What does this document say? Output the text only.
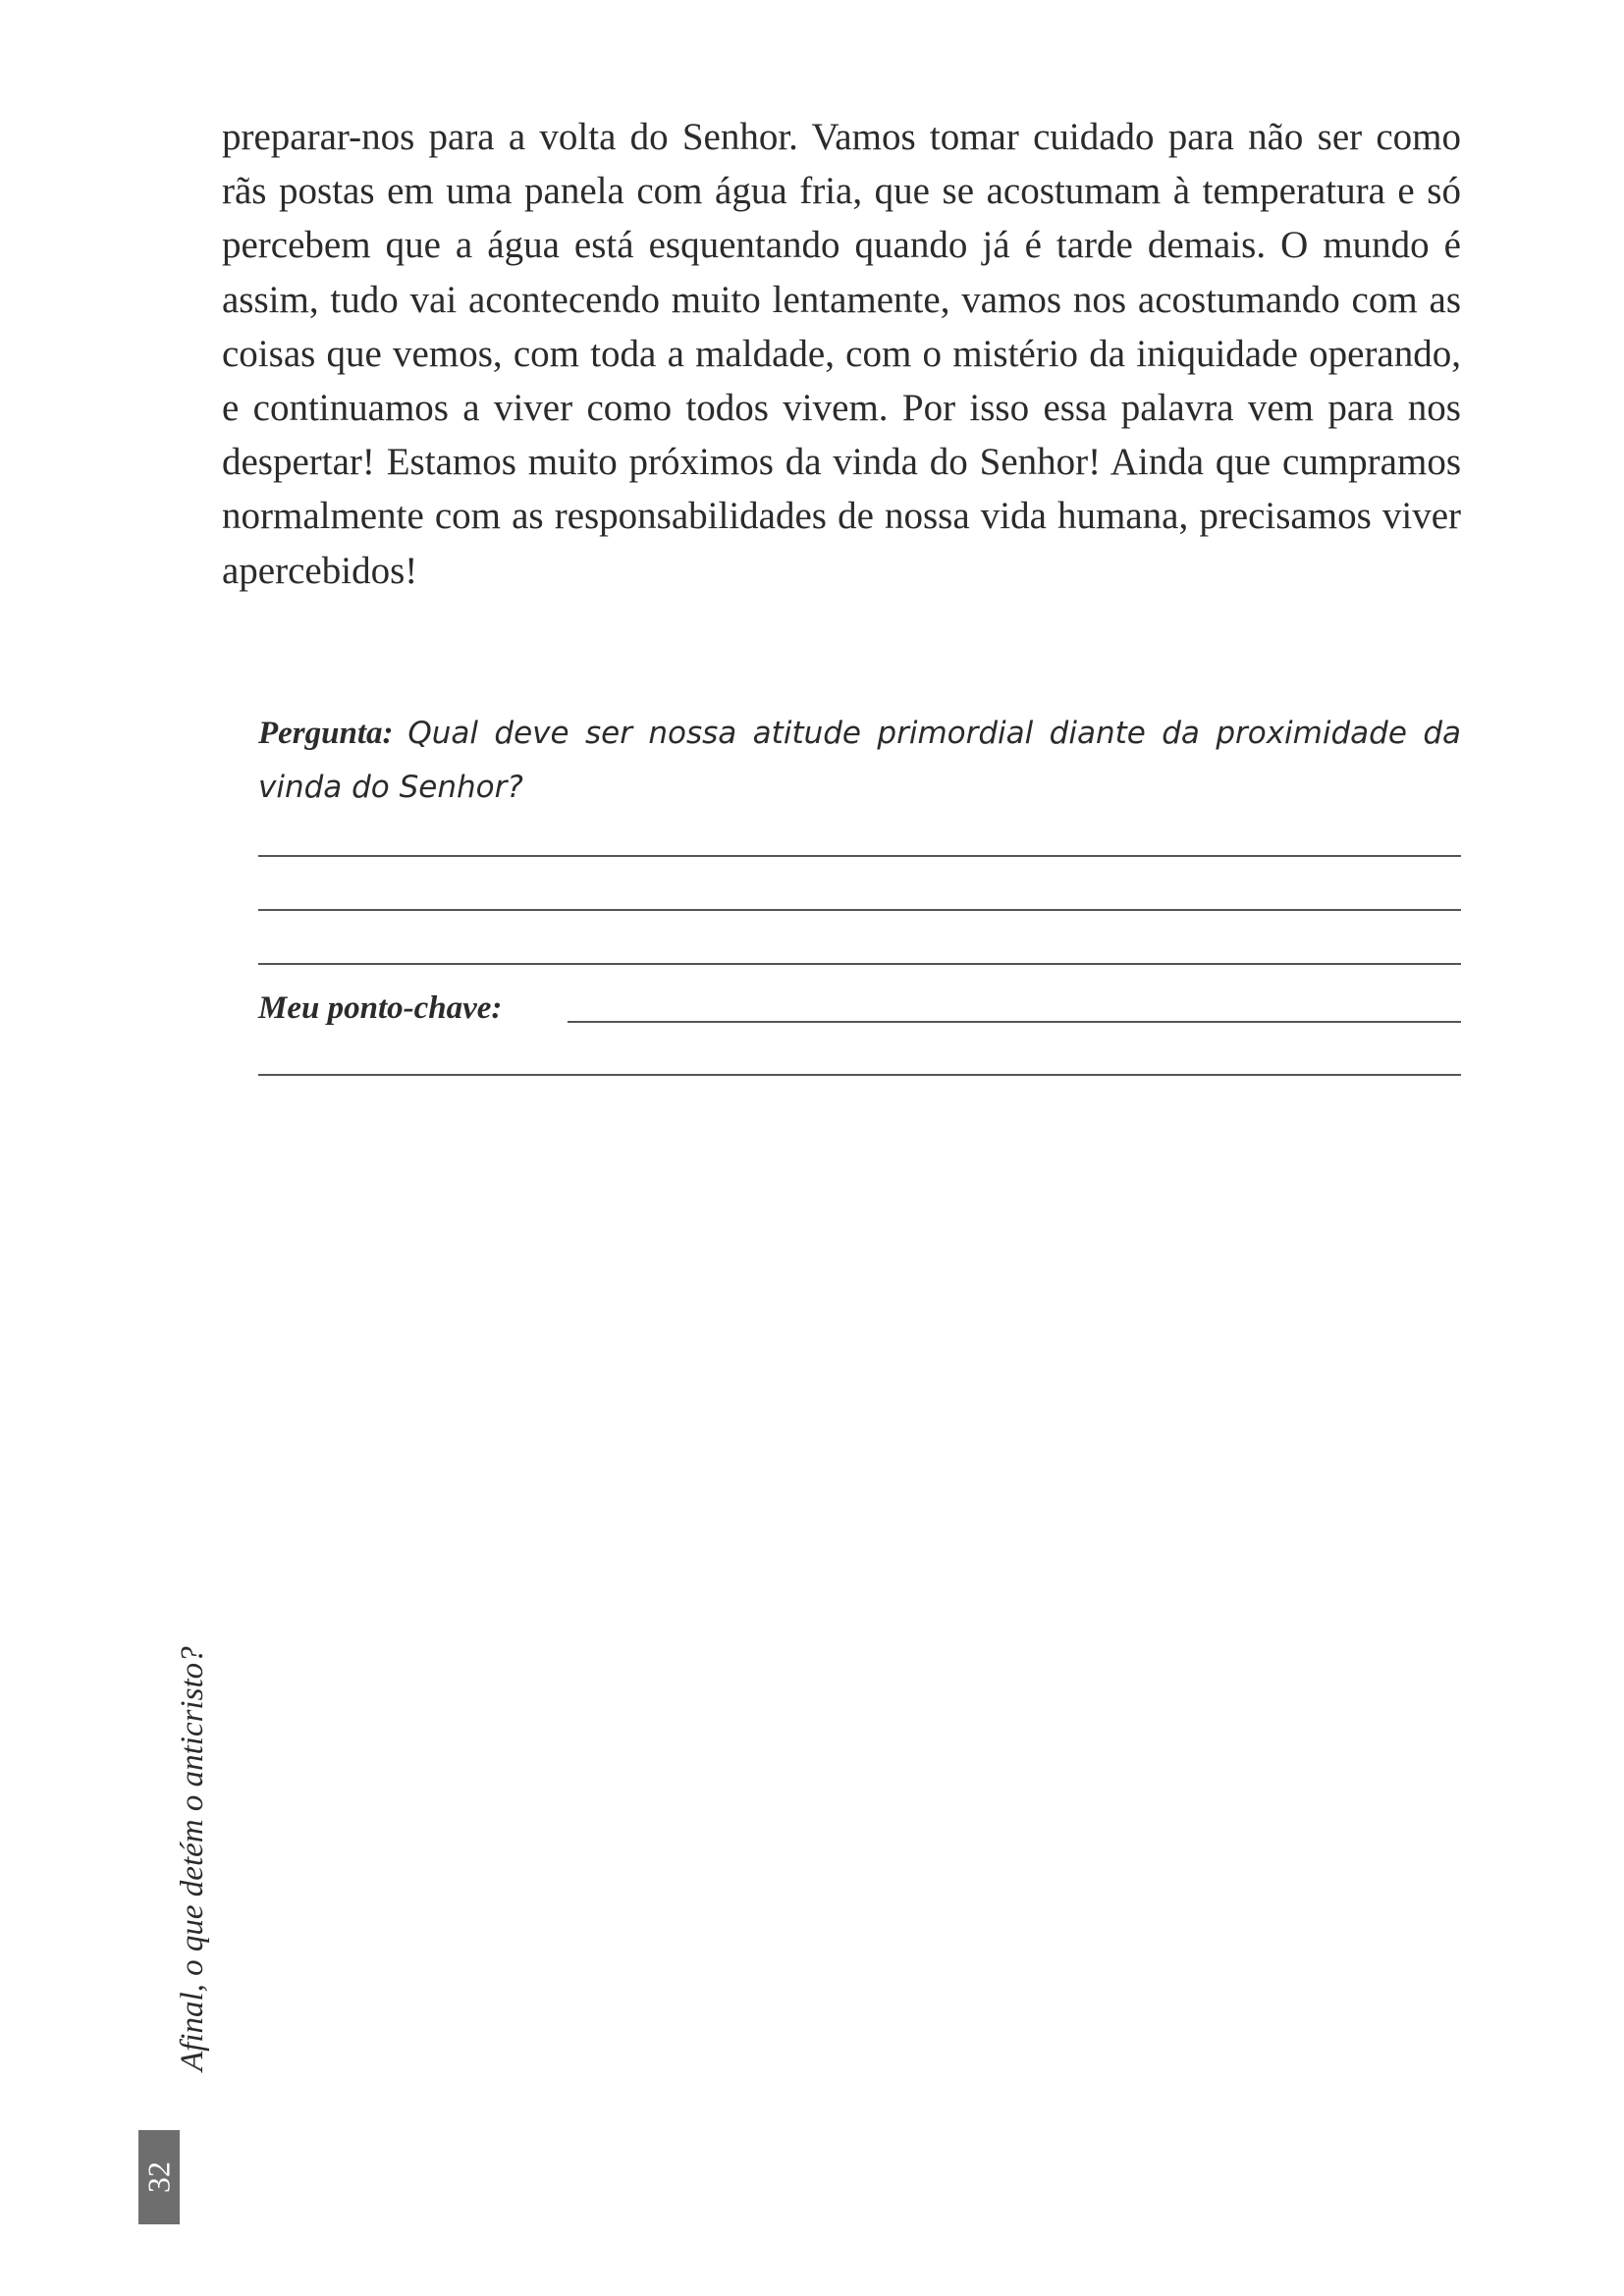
preparar-nos para a volta do Senhor. Vamos tomar cuidado para não ser como rãs postas em uma panela com água fria, que se acostumam à temperatura e só percebem que a água está esquentando quando já é tarde demais. O mundo é assim, tudo vai acontecendo muito lentamente, vamos nos acostumando com as coisas que vemos, com toda a maldade, com o mistério da iniquidade operando, e continuamos a viver como todos vivem. Por isso essa palavra vem para nos despertar! Estamos muito próximos da vinda do Senhor! Ainda que cumpramos normalmente com as responsabilidades de nossa vida humana, precisamos viver apercebidos!

Pergunta: Qual deve ser nossa atitude primordial diante da proximidade da vinda do Senhor?

Meu ponto-chave:
Afinal, o que detém o anticristo?
32
